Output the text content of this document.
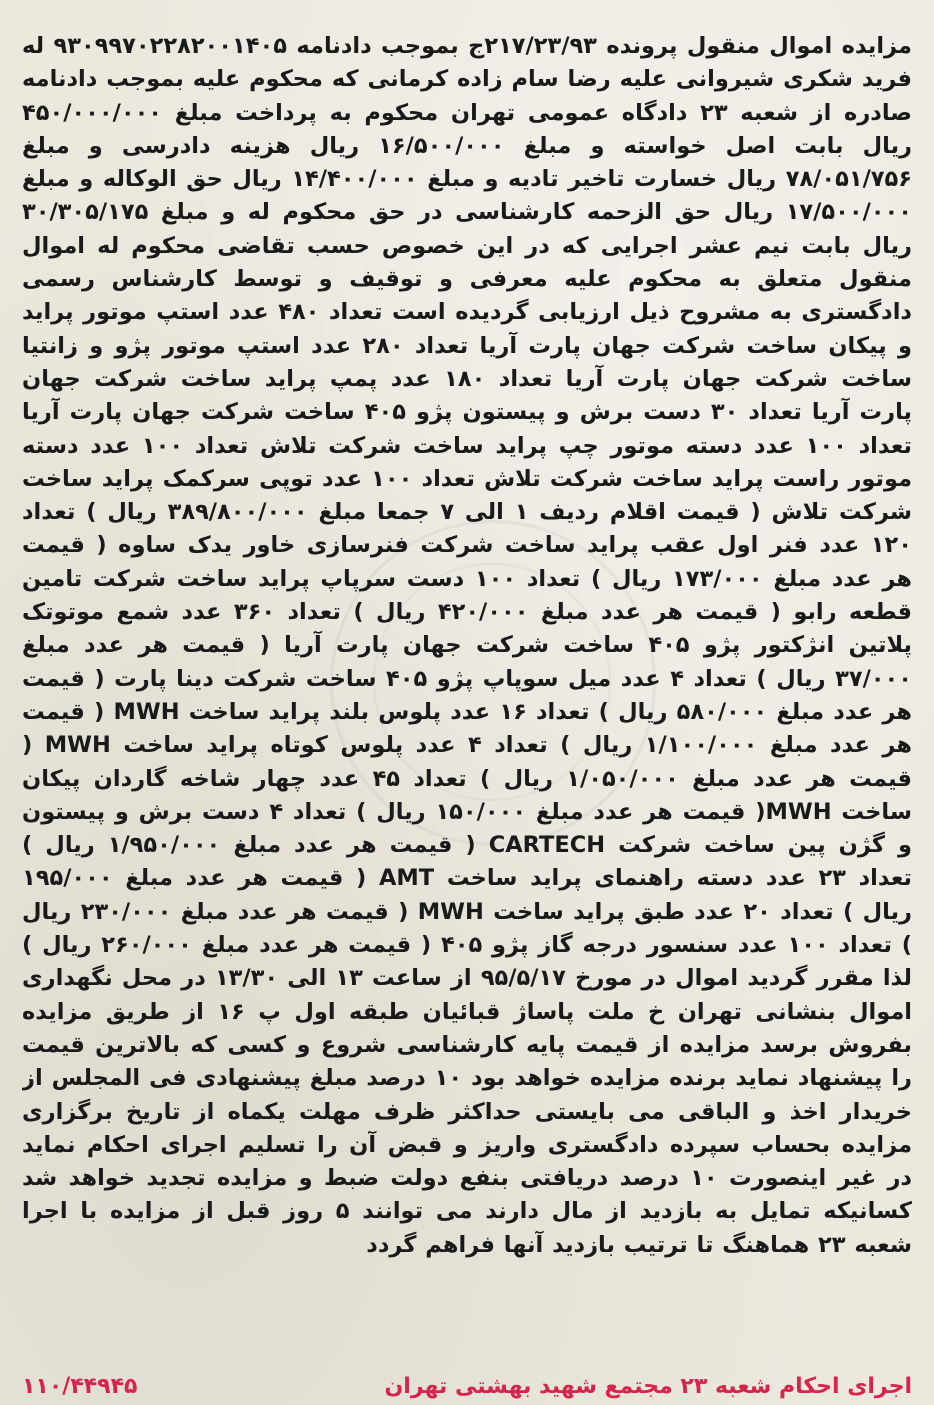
مزایده اموال منقول پرونده ۲۱۷/۲۳/۹۳ج بموجب دادنامه ۹۳۰۹۹۷۰۲۲۸۲۰۰۱۴۰۵ له فرید شکری شیروانی علیه رضا سام زاده کرمانی که محکوم علیه بموجب دادنامه صادره از شعبه ۲۳ دادگاه عمومی تهران محکوم به پرداخت مبلغ ۴۵۰/۰۰۰/۰۰۰ ریال بابت اصل خواسته و مبلغ ۱۶/۵۰۰/۰۰۰ ریال هزینه دادرسی و مبلغ ۷۸/۰۵۱/۷۵۶ ریال خسارت تاخیر تادیه و مبلغ ۱۴/۴۰۰/۰۰۰ ریال حق الوکاله و مبلغ ۱۷/۵۰۰/۰۰۰ ریال حق الزحمه کارشناسی در حق محکوم له و مبلغ ۳۰/۳۰۵/۱۷۵ ریال بابت نیم عشر اجرایی که در این خصوص حسب تقاضی محکوم له اموال منقول متعلق به محکوم علیه معرفی و توقیف و توسط کارشناس رسمی دادگستری به مشروح ذیل ارزیابی گردیده است تعداد ۴۸۰ عدد استپ موتور پراید و پیکان ساخت شرکت جهان پارت آریا تعداد ۲۸۰ عدد استپ موتور پژو و زانتیا ساخت شرکت جهان پارت آریا تعداد ۱۸۰ عدد پمپ پراید ساخت شرکت جهان پارت آریا تعداد ۳۰ دست برش و پیستون پژو ۴۰۵ ساخت شرکت جهان پارت آریا تعداد ۱۰۰ عدد دسته موتور چپ پراید ساخت شرکت تلاش تعداد ۱۰۰ عدد دسته موتور راست پراید ساخت شرکت تلاش تعداد ۱۰۰ عدد توپی سرکمک پراید ساخت شرکت تلاش ( قیمت اقلام ردیف ۱ الی ۷ جمعا مبلغ ۳۸۹/۸۰۰/۰۰۰ ریال ) تعداد ۱۲۰ عدد فنر اول عقب پراید ساخت شرکت فنرسازی خاور یدک ساوه ( قیمت هر عدد مبلغ ۱۷۳/۰۰۰ ریال ) تعداد ۱۰۰ دست سرپاپ پراید ساخت شرکت تامین قطعه رابو ( قیمت هر عدد مبلغ ۴۲۰/۰۰۰ ریال ) تعداد ۳۶۰ عدد شمع موتوتک پلاتین انژکتور پژو ۴۰۵ ساخت شرکت جهان پارت آریا ( قیمت هر عدد مبلغ ۳۷/۰۰۰ ریال ) تعداد ۴ عدد میل سوپاپ پژو ۴۰۵ ساخت شرکت دینا پارت ( قیمت هر عدد مبلغ ۵۸۰/۰۰۰ ریال ) تعداد ۱۶ عدد پلوس بلند پراید ساخت MWH ( قیمت هر عدد مبلغ ۱/۱۰۰/۰۰۰ ریال ) تعداد ۴ عدد پلوس کوتاه پراید ساخت MWH ( قیمت هر عدد مبلغ ۱/۰۵۰/۰۰۰ ریال ) تعداد ۴۵ عدد چهار شاخه گاردان پیکان ساخت MWH( قیمت هر عدد مبلغ ۱۵۰/۰۰۰ ریال ) تعداد ۴ دست برش و پیستون و گژن پین ساخت شرکت CARTECH ( قیمت هر عدد مبلغ ۱/۹۵۰/۰۰۰ ریال ) تعداد ۲۳ عدد دسته راهنمای پراید ساخت AMT ( قیمت هر عدد مبلغ ۱۹۵/۰۰۰ ریال ) تعداد ۲۰ عدد طبق پراید ساخت MWH ( قیمت هر عدد مبلغ ۲۳۰/۰۰۰ ریال ) تعداد ۱۰۰ عدد سنسور درجه گاز پژو ۴۰۵ ( قیمت هر عدد مبلغ ۲۶۰/۰۰۰ ریال ) لذا مقرر گردید اموال در مورخ ۹۵/۵/۱۷ از ساعت ۱۳ الی ۱۳/۳۰ در محل نگهداری اموال بنشانی تهران خ ملت پاساژ قبائیان طبقه اول پ ۱۶ از طریق مزایده بفروش برسد مزایده از قیمت پایه کارشناسی شروع و کسی که بالاترین قیمت را پیشنهاد نماید برنده مزایده خواهد بود ۱۰ درصد مبلغ پیشنهادی فی المجلس از خریدار اخذ و الباقی می بایستی حداکثر ظرف مهلت یکماه از تاریخ برگزاری مزایده بحساب سپرده دادگستری واریز و قبض آن را تسلیم اجرای احکام نماید در غیر اینصورت ۱۰ درصد دریافتی بنفع دولت ضبط و مزایده تجدید خواهد شد کسانیکه تمایل به بازدید از مال دارند می توانند ۵ روز قبل از مزایده با اجرا شعبه ۲۳ هماهنگ تا ترتیب بازدید آنها فراهم گردد
اجرای احکام شعبه ۲۳ مجتمع شهید بهشتی تهران
۱۱۰/۴۴۹۴۵
